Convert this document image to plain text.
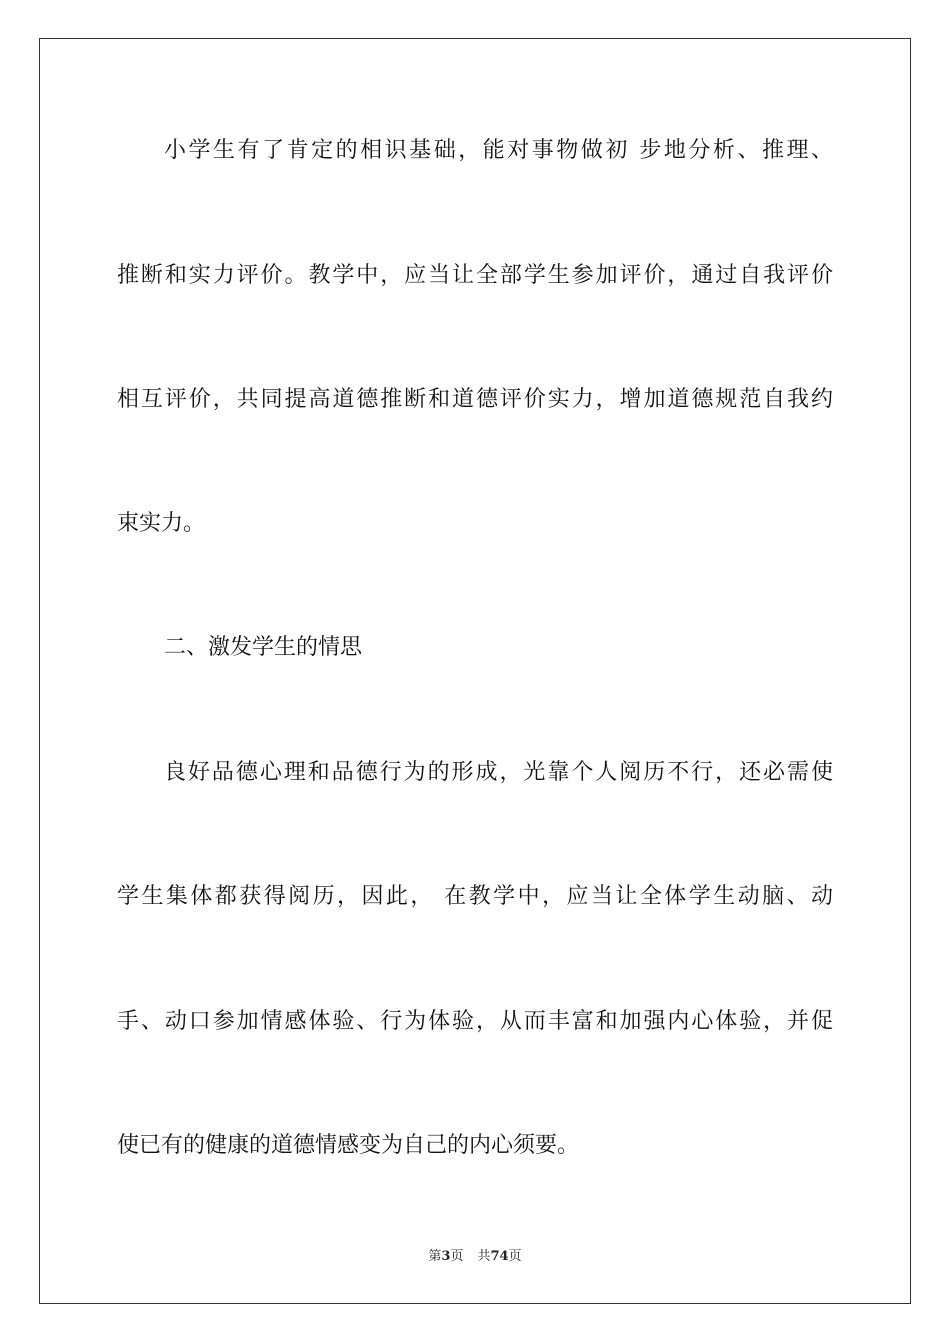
小学生有了肯定的相识基础，能对事物做初 步地分析、推理、
推断和实力评价。教学中，应当让全部学生参加评价，通过自我评价
相互评价，共同提高道德推断和道德评价实力，增加道德规范自我约
束实力。
二、激发学生的情思
良好品德心理和品德行为的形成，光靠个人阅历不行，还必需使
学生集体都获得阅历，因此， 在教学中，应当让全体学生动脑、动
手、动口参加情感体验、行为体验，从而丰富和加强内心体验，并促
使已有的健康的道德情感变为自己的内心须要。
第3页 共74页
